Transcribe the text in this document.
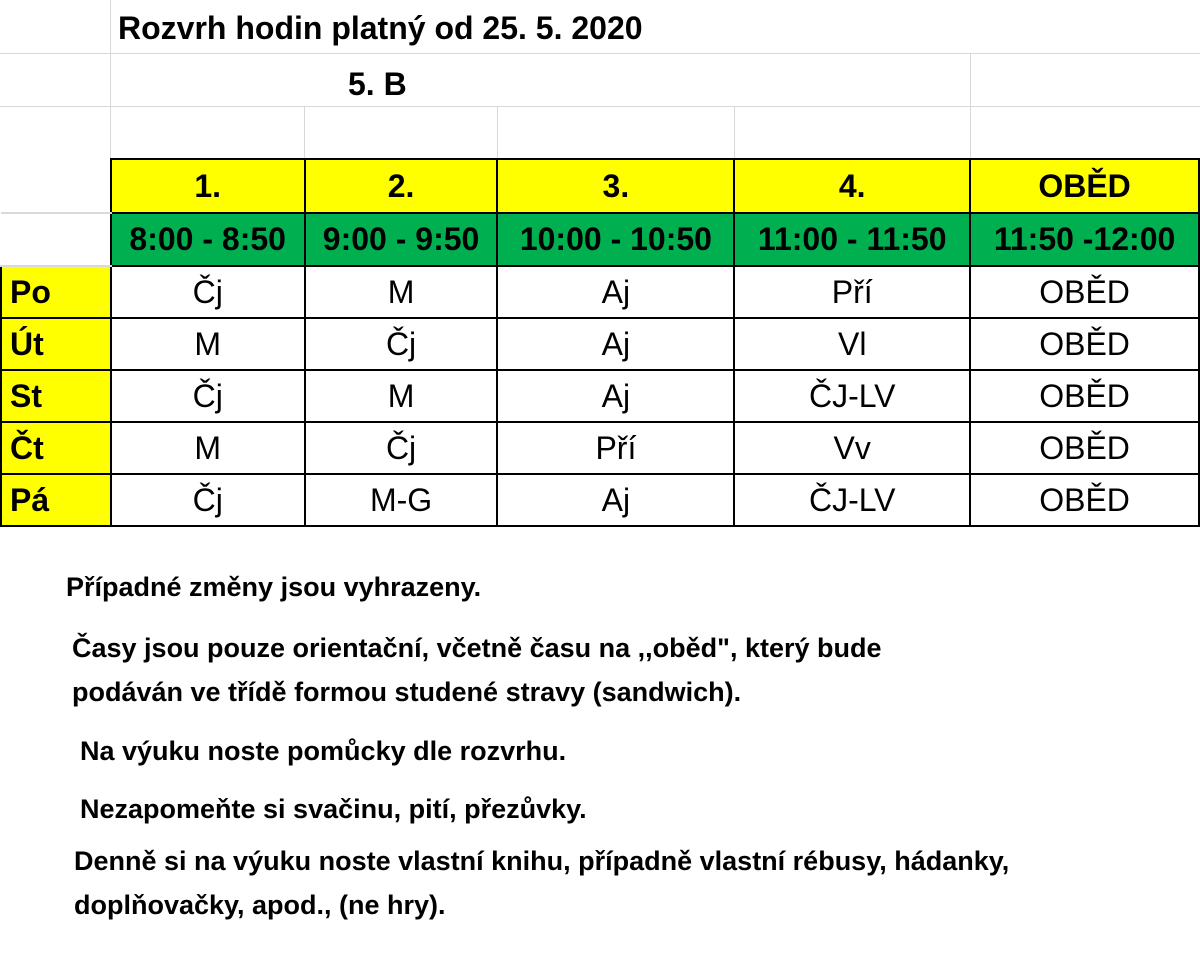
Rozvrh hodin platný od 25. 5. 2020
5. B
	1.	2.	3.	4.	OBĚD
	8:00 - 8:50	9:00 - 9:50	10:00 - 10:50	11:00 - 11:50	11:50 -12:00
Po	Čj	M	Aj	Pří	OBĚD
Út	M	Čj	Aj	Vl	OBĚD
St	Čj	M	Aj	ČJ-LV	OBĚD
Čt	M	Čj	Pří	Vv	OBĚD
Pá	Čj	M-G	Aj	ČJ-LV	OBĚD
Případné změny jsou vyhrazeny.
Časy jsou pouze orientační, včetně času na ,,oběd", který bude
podáván ve třídě formou studené stravy (sandwich).
Na výuku noste pomůcky dle rozvrhu.
Nezapomeňte si svačinu, pití, přezůvky.
Denně si na výuku noste vlastní knihu, případně vlastní rébusy, hádanky,
doplňovačky, apod., (ne hry).
